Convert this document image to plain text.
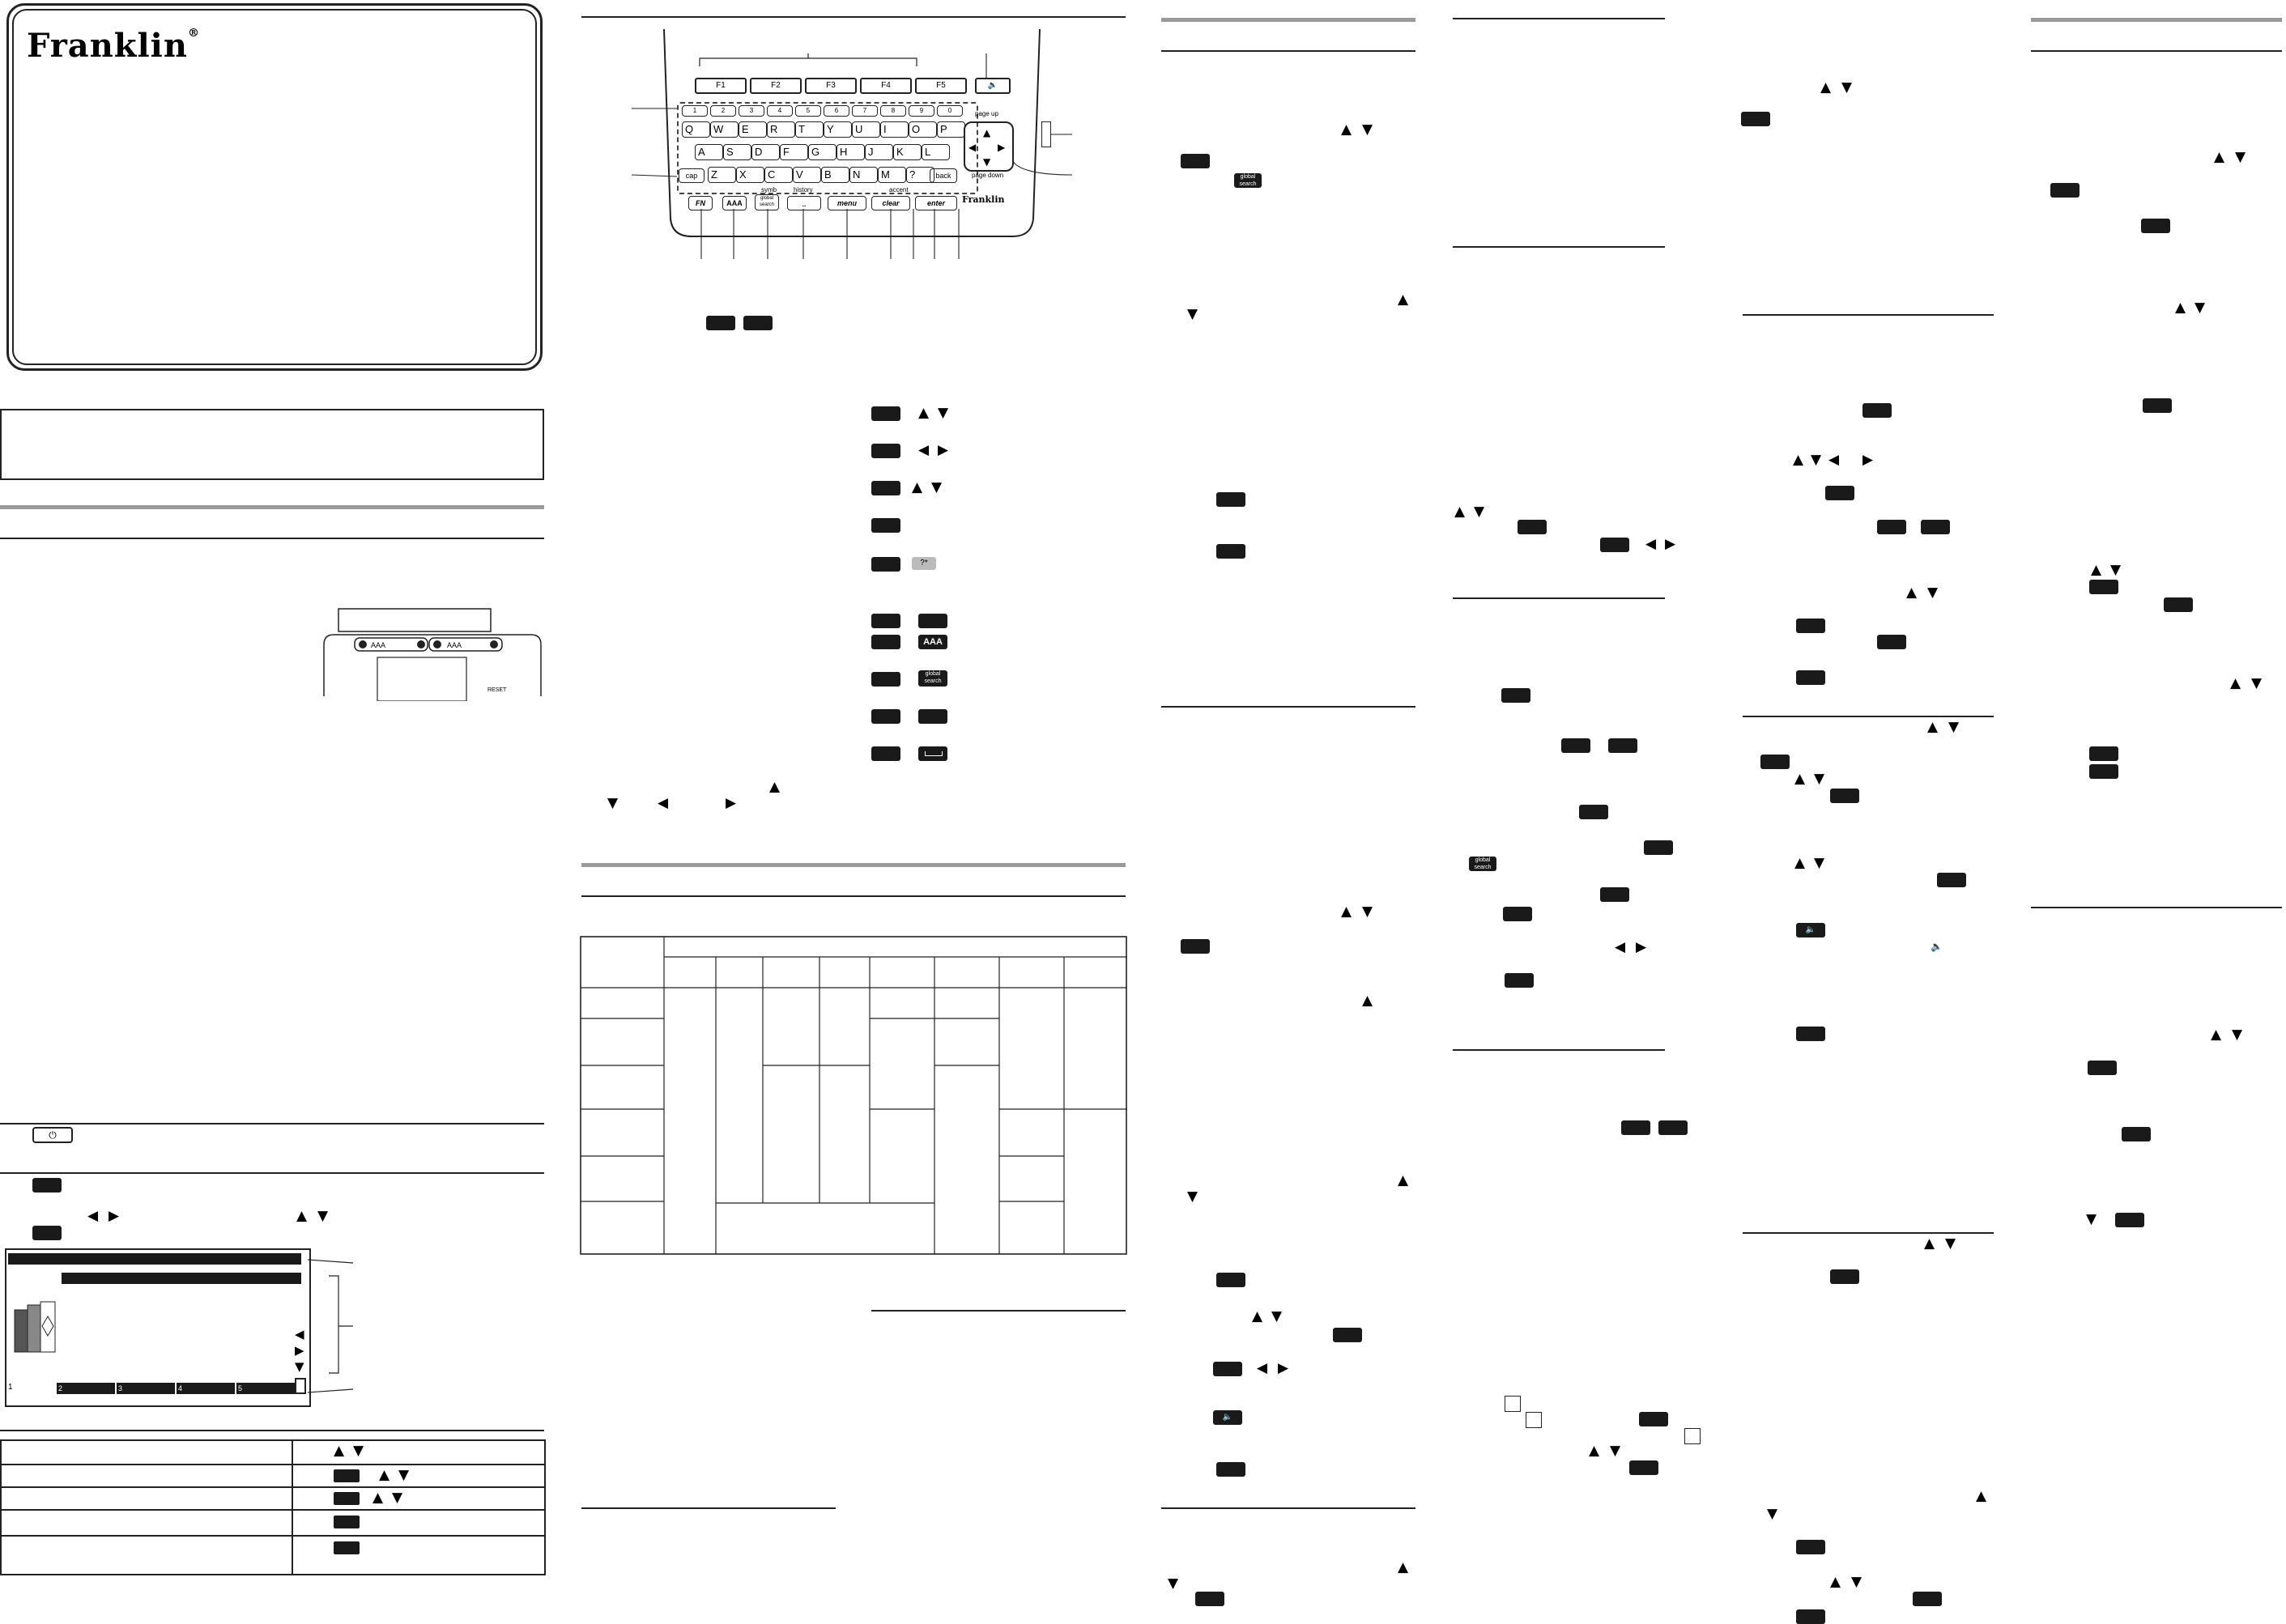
Franklin®
AAA	AAA
RESET
⏻
◀ ▶	▲ ▼
◀
▶
▼
1	2	3	4	5
▲ ▼
▲ ▼
▲ ▼
F1	F2	F3	F4	F5	🔈
1	2	3	4	5	6	7	8	9	0
Q	W	E	R	T	Y	U	I	O	P
A	S	D	F	G	H	J	K	L
cap	Z	X	C	V	B	N	M	?	back
symb	history	accent
FN	AAA
global search	⎵	menu	clear	enter
page up
▲
◀ ▶
▼
page down
Franklin
▲ ▼
◀ ▶
▲ ▼
?*
AAA
global
search
▲
▼	◀	▶
▲ ▼
global
search
▲
▼
▲ ▼
▲
▲ ▼
▲
▼
◀ ▶
🔈
▲
▼
▲ ▼
◀ ▶
global
search
◀ ▶
▲ ▼
▲ ▼
▲ ▼ ◀ ▶
▲ ▼
▲ ▼
▲ ▼
▲ ▼
🔈
🔈
▲ ▼
▲
▼
▲ ▼
▲ ▼
▲ ▼
▲ ▼
▲ ▼
▲ ▼
▼
